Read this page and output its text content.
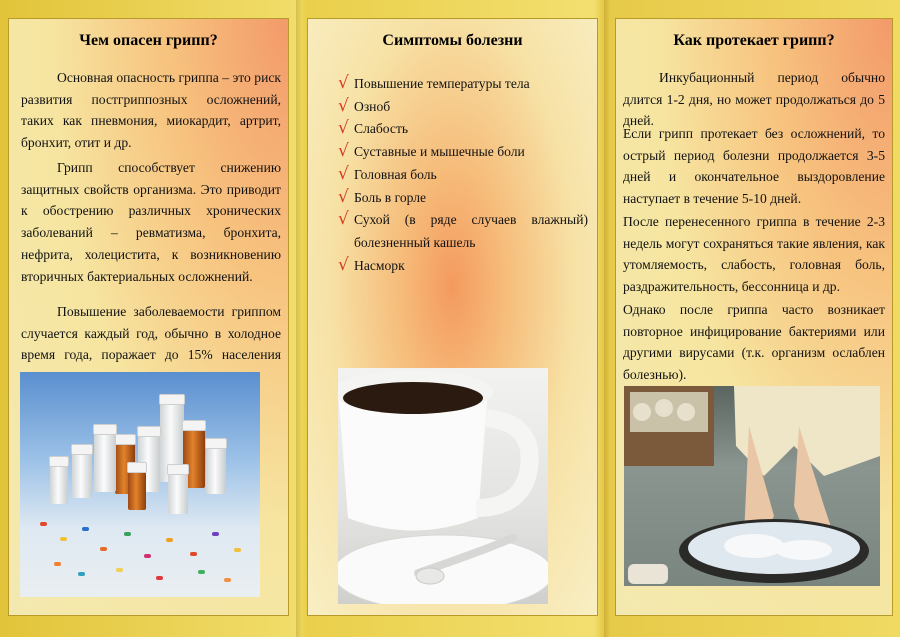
Чем опасен грипп?

Основная опасность гриппа – это риск развития постгриппозных осложнений, таких как пневмония, миокардит, артрит, бронхит, отит и др.

Грипп способствует снижению защитных свойств организма. Это приводит к обострению различных хронических заболеваний – ревматизма, бронхита, нефрита, холецистита, к возникновению вторичных бактериальных осложнений.

Повышение заболеваемости гриппом случается каждый год, обычно в холодное время года, поражает до 15% населения

Симптомы болезни
√ Повышение температуры тела
√ Озноб
√ Слабость
√ Суставные и мышечные боли
√ Головная боль
√ Боль в горле
√ Сухой (в ряде случаев влажный) болезненный кашель
√ Насморк
Как протекает грипп?

Инкубационный период обычно длится 1-2 дня, но может продолжаться до 5 дней.

Если грипп протекает без осложнений, то острый период болезни продолжается 3-5 дней и окончательное выздоровление наступает в течение 5-10 дней.

После перенесенного гриппа в течение 2-3 недель могут сохраняться такие явления, как утомляемость, слабость, головная боль, раздражительность, бессонница и др.

Однако после гриппа часто возникает повторное инфицирование бактериями или другими вирусами (т.к. организм ослаблен болезнью).
